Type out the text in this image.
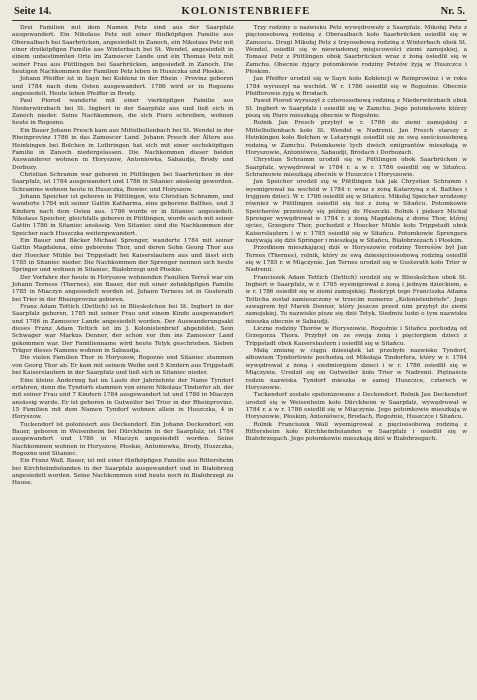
Seite 14.	KOLONISTENBRIEFE	Nr. 5.

Drei Familien mit dem Namen Petz sind aus der Saarpfalz ausgewandert. Ein Nikolaus Petz mit einer fünfköpfigen Familie aus Oberaalbach bei Saarbrücken, angesiedelt in Zanoch, ein Nikolaus Petz mit einer dreiköpfigen Familie aus Winterbach bei St. Wendel, angesiedelt in einem unbestimmten Orte im Zamoscer Lande und ein Thomas Petz mit seiner Frau aus Püttlingen bei Saarbrücken, angesiedelt in Zanoch. Die heutigen Nachkommen der Familien Petz leben in Huszczka und Płoskie.

Johann Pfeiffer ist in Sayn bei Koblenz in der Rhein - Provinz geboren und 1784 nach dem Osten ausgewandert. 1786 wird er in Rogozno angesiedelt. Heute leben Pfeiffer in Brody.

Paul Piorod wanderte mit einer vierköpfigen Familie aus Niederwürzbach bei St. Ingbert in der Saarpfalz aus und ließ sich in Zanoch nieder. Seine Nachkommen, die sich Piuro schreiben, wohnen heute in Rogozno.

Ein Bauer Johann Presch kam aus Mittelbollenbach bei St. Wendel in der Rheinprovinz 1786 in das Zamoscer Land. Johann Presch der Ältere aus Heinkingen bei Bolchen in Lothringen hat sich mit einer sechsköpfigen Familie in Zanoch niedergelassen. Die Nachkommen dieser beiden Auswanderer wohnen in Horyszow, Antoniowka, Sabaudja, Brody und Dorbozy.

Christian Schramm war geboren in Püttlingen bei Saarbrücken in der Saarpfalz, ist 1784 ausgewandert und 1786 in Sitaniec ansässig geworden. Schramms wohnen heute in Huszczka, Bowiec und Horyszow.

Johann Speicher ist geboren in Püttlingen, wie Christian Schramm, und wanderte 1784 mit seiner Gattin Katharina, eine geborene Balthes, und 3 Kindern nach dem Osten aus. 1786 wurde er in Sitaniec angesiedelt. Nikolaus Speicher, gleichfalls geboren in Püttlingen, wurde auch mit seiner Gattin 1786 in Sitaniec ansässig. Von Sitaniec sind die Nachkommen der Speicher nach Huszczka weitergewandert.

Ein Bauer und Bäcker Michael Sprenger, wanderte 1784 mit seiner Gattin Magdalena, eine geborene Thor, und deren Sohn Georg Thor aus der Hoecker Mühle bei Trippstadt bei Kaiserslautern aus und lässt sich 1785 in Sitaniec nieder. Die Nachkommen der Sprenger nennen sich heute Springer und wohnen in Sitaniec, Białobrzegi und Płoskie.

Der Vorfahre der heute in Horyszow wohnenden Familien Terreš war ein Johann Terness (Thernes), ein Bauer, der mit einer zehnköpfigen Familie 1785 in Miaczyn angesiedelt worden ist. Johann Terness ist in Gusterath bei Trier in der Rheinprovinz geboren.

Franz Adam Tettich (Dettich) ist in Blieskolchen bei St. Ingbert in der Saarpfalz geboren, 1785 mit seiner Frau und einem Kinde ausgewandert und 1786 in Zamoscer Lande angesiedelt worden. Der Auswanderungsakt dieses Franz Adam Tettich ist im J. Kolonistenbrief abgebildet. Sein Schwager war Markus Denner, der schon vor ihm ins Zamoscer Land gekommen war. Der Familienname wird heute Tetyk geschrieben. Sieben Träger dieses Namens wohnen in Sabaudja.

Die vielen Familien Thor in Horyszow, Rogozno und Sitaniec stammen von Georg Thor ab. Er kam mit seinem Weibe und 5 Kindern aus Trippstadt bei Kaiserslautern in der Saarpfalz und ließ sich in Sitaniec nieder.

Eine kleine Änderung hat im Laufe der Jahrzehnte der Name Tyndorf erfahren, denn die Tyndorfs stammen von einem Nikolaus Tindorfer ab, der mit seiner Frau und 7 Kindern 1784 ausgewandert ist und 1786 in Miaczyn ansässig wurde. Er ist geboren in Gutweiler bei Trier in der Rheinprovinz. 15 Familien mit dem Namen Tyndorf wohnen allein in Huszczka, 4 in Horyszow.

Tuckendorf ist polonisiert aus Deckendorf. Ein Johann Deckendorf, ein Bauer, geboren in Weisenheim bei Dürckheim in der Saarpfalz, ist 1784 ausgewandert und 1786 in Miaczyn angesiedelt worden. Seine Nachkommen wohnen in Horyszow, Płoskie, Antoniowka, Brody, Huszczka, Rogozno und Sitaniec.

Ein Franz Wall, Bauer, ist mit einer fünfköpfigen Familie aus Rittersheim bei Kirchheimbolanden in der Saarpfalz ausgewandert und in Białobrzeg angesiedelt worden. Seine Nachkommen sind heute noch in Białobrzegi zu Hause.

Trzy rodziny o nazwisku Petz wywędrowały z Saarpfalz. Mikołaj Petz z pięcioosobową rodziną z Oberaalbach koło Saarbrücken osiedlił się w Zamoscu. Drugi Mikołaj Petz z trzyosobową rodziną z Winterbach obok St. Wendel, osiedlił się w niewiadomej miejscowości ziemi zamojskiej, a Tomasz Petz z Püttlingen obok Saarbrücken wraz z żoną osiedlił się w Zamchu. Obecnie żyjący potomkowie rodziny Petzów żyją w Huszczce i Płoskim.

Jan Pfeiffer urodził się w Sayn koło Koblencji w Reinprowinz i w roku 1784 wyruszył na wschód. W r. 1786 osiedlił się w Rogoźnie. Obecnie Pfeifferowie żyją w Brodach.

Paweł Piorod wyruszył z czteroosobową rodziną z Niederwürzbach obok St. Ingbert w Saarpfalz i osiedlił się w Zamchu. Jego potomkowie którzy piszą się Piuro mieszkają obecnie w Rogoźnie.

Rolnik Jan Presch przybył w r. 1786 do ziemi zamojskiej z Mittelbollenbach koło St. Wendel w Nadrenii. Jan Presch starszy z Heinkingen koło Bolchen w Lotaryngii osiedlił się ze swą sześcioosobową rodziną w Zamchu. Potomkowie tych dwóch emigrantów mieszkają w Horyszowie, Antoniówce, Sabaudji, Brodach i Dorbozach.

Chrystian Schramm urodził się w Püttlingen obok Saarbrücken w Saarpfalz, wywędrował w 1784 r. a w r. 1786 osiedlił się w Sitańcu. Schramowie mieszkają obecnie w Huszczce i Horyszowie.

Jan Speicher urodził się w Püttlingen tak jak Chrystian Schramm i wyemigrował na wschód w 1784 r. wraz z żoną Katarzyną z d. Balthes i trojgiem dzieci. W r. 1786 osiedlił się w Sitańcu. Mikołaj Speicher urodzony również w Püttlingen osiedlił się też z żoną w Sitańcu. Potomkowie Speicherów przeniosły się później do Huszczki. Rolnik i piekarz Michał Sprenger wywędrował w 1784 r. z żoną Magdaleną z domu Thor, której ojciec, Grzegorz Thor, pochodził z Hoecker Mühle koło Trippstadt obok Kaiserslautern i w r. 1785 osiedlił się w Sitańcu. Potomkowie Sprengera nazywają się dziś Springer i mieszkają w Sitańcu, Białobrzezach i Płoskim.

Przodkiem mieszkającej dziś w Horyszowie rodziny Terreśów był Jan Ternes (Thernes), rolnik, który ze swą dziesięcioosobową rodziną osiedlił się w 1785 r. w Miączynie. Jan Ternes urodził się w Gusterath koło Trier w Nadrenii.

Franciszek Adam Tettich (Dettich) urodził się w Blieskolchen obok St. Ingbert w Saarpfalz, w r. 1785 wyemigrował z żoną i jednym dzieckiem, a w r. 1786 osiedlił się w ziemi zamojskiej. Reskrypt tego Franciszka Adama Tetticha został zamieszczony w trzecim numerze „Kolonistenbriefe". Jego szwagrem był Marek Denner, który jeszcze przed nim przybył do ziemi zamojskiej. To nazwisko pisze się dziś Tetyk. Siedmiu ludzi o tym nazwisku mieszka obecnie w Sabaudji.

Liczne rodziny Thorów w Horyszowie, Rogoźnie i Sitańcu pochodzą od Grzegorza Thora. Przybył on ze swoją żoną i pięciorgiem dzieci z Trippstadt obok Kaiserslautern i osiedlił się w Sitańcu.

Małą zmianę w ciągu dziesiątek lat przebyło nazwisko Tyndorf, albowiem Tyndorfowie pochodzą od Mikołaja Tindorfera, który w r. 1784 wywędrował z żoną i siedmiorgiem dzieci i w r. 1786 osiedlił się w Miączynie. Urodził się on Gutweiler koło Trier w Nadrenii. Piętnaście rodzin nazwiska Tyndorf mieszka w samej Huszczce, czterech w Horyszowie.

Tuckendorf zostało spolonizowane z Deckendorf. Rolnik Jan Deckendorf urodził się w Weisenheim koło Dürckheim w Saarpfalz, wywędrował w 1784 r. a w r. 1786 osiedlił się w Miączynie. Jego potomkowie mieszkają w Horyszowie, Płoskim, Antoniówce, Brodach, Rogoźnie, Huszczce i Sitańcu.

Rolnik Franciszek Wall wyemigrował z pięcioosobową rodziną z Rittersheim koło Kirchheimbolanden w Saarpfalz i osiedlił się w Białobrzegach. Jego potomkowie mieszkają dziś w Białobrzegach.
